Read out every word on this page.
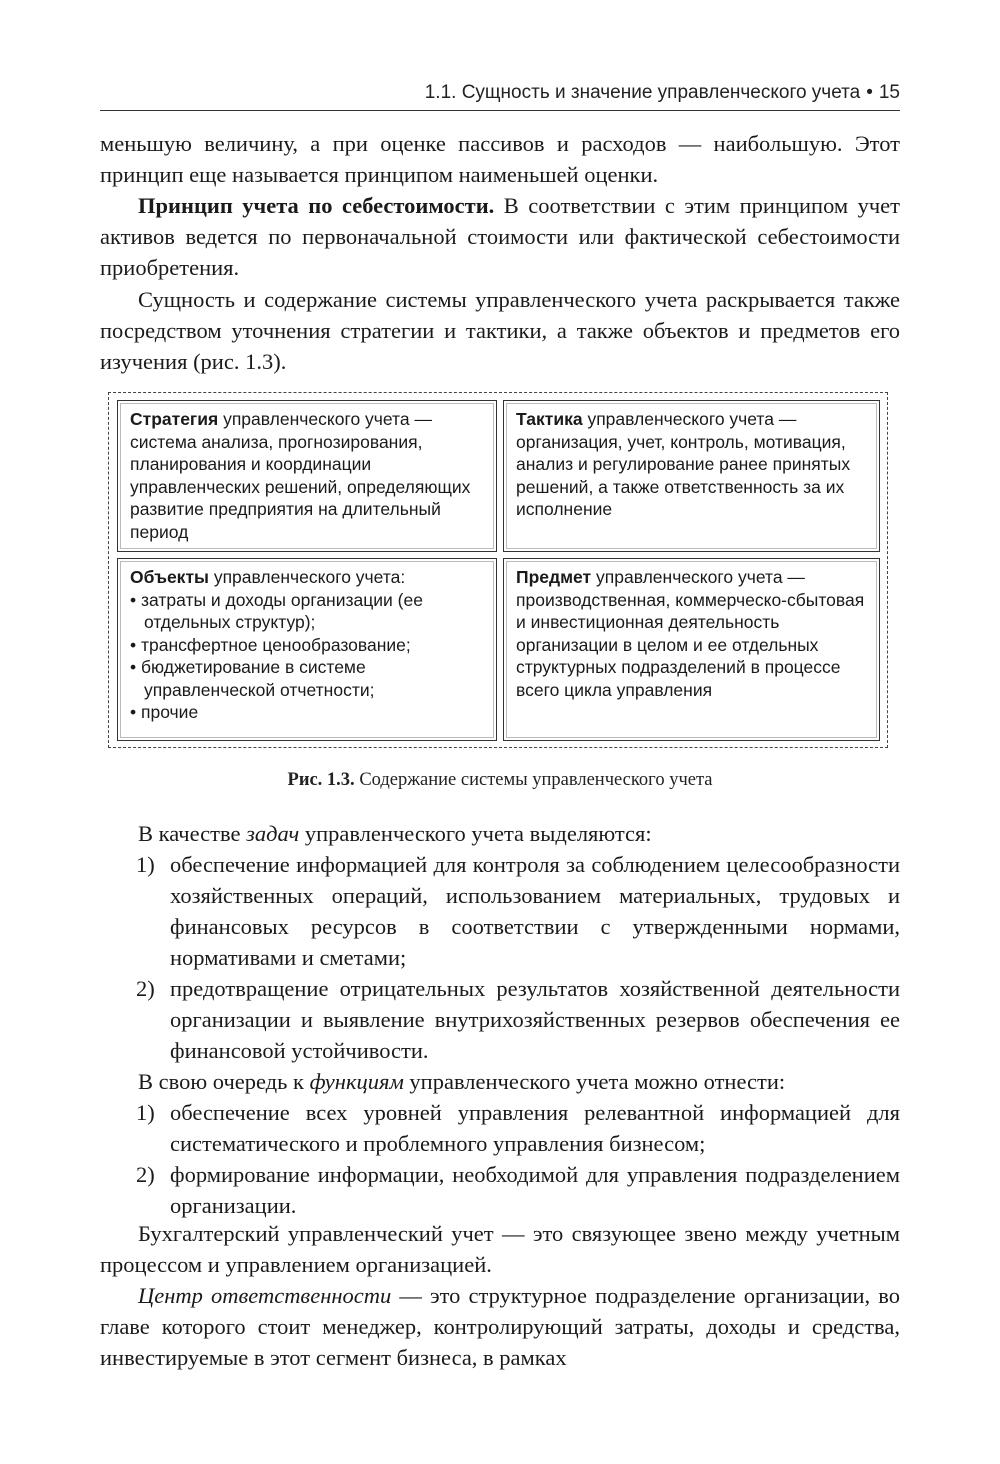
1.1. Сущность и значение управленческого учета • 15

меньшую величину, а при оценке пассивов и расходов — наибольшую. Этот принцип еще называется принципом наименьшей оценки.

Принцип учета по себестоимости. В соответствии с этим принципом учет активов ведется по первоначальной стоимости или фактической себестоимости приобретения.

Сущность и содержание системы управленческого учета раскрывается также посредством уточнения стратегии и тактики, а также объектов и предметов его изучения (рис. 1.3).

Стратегия управленческого учета — система анализа, прогнозирования, планирования и координации управленческих решений, определяющих развитие предприятия на длительный период
Тактика управленческого учета — организация, учет, контроль, мотивация, анализ и регулирование ранее принятых решений, а также ответственность за их исполнение
Объекты управленческого учета:
• затраты и доходы организации (ее отдельных структур);
• трансфертное ценообразование;
• бюджетирование в системе управленческой отчетности;
• прочие
Предмет управленческого учета — производственная, коммерческо-сбытовая и инвестиционная деятельность организации в целом и ее отдельных структурных подразделений в процессе всего цикла управления
Рис. 1.3. Содержание системы управленческого учета

В качестве задач управленческого учета выделяются:

1) обеспечение информацией для контроля за соблюдением целесообразности хозяйственных операций, использованием материальных, трудовых и финансовых ресурсов в соответствии с утвержденными нормами, нормативами и сметами;
2) предотвращение отрицательных результатов хозяйственной деятельности организации и выявление внутрихозяйственных резервов обеспечения ее финансовой устойчивости.

В свою очередь к функциям управленческого учета можно отнести:

1) обеспечение всех уровней управления релевантной информацией для систематического и проблемного управления бизнесом;
2) формирование информации, необходимой для управления подразделением организации.

Бухгалтерский управленческий учет — это связующее звено между учетным процессом и управлением организацией.

Центр ответственности — это структурное подразделение организации, во главе которого стоит менеджер, контролирующий затраты, доходы и средства, инвестируемые в этот сегмент бизнеса, в рамках
